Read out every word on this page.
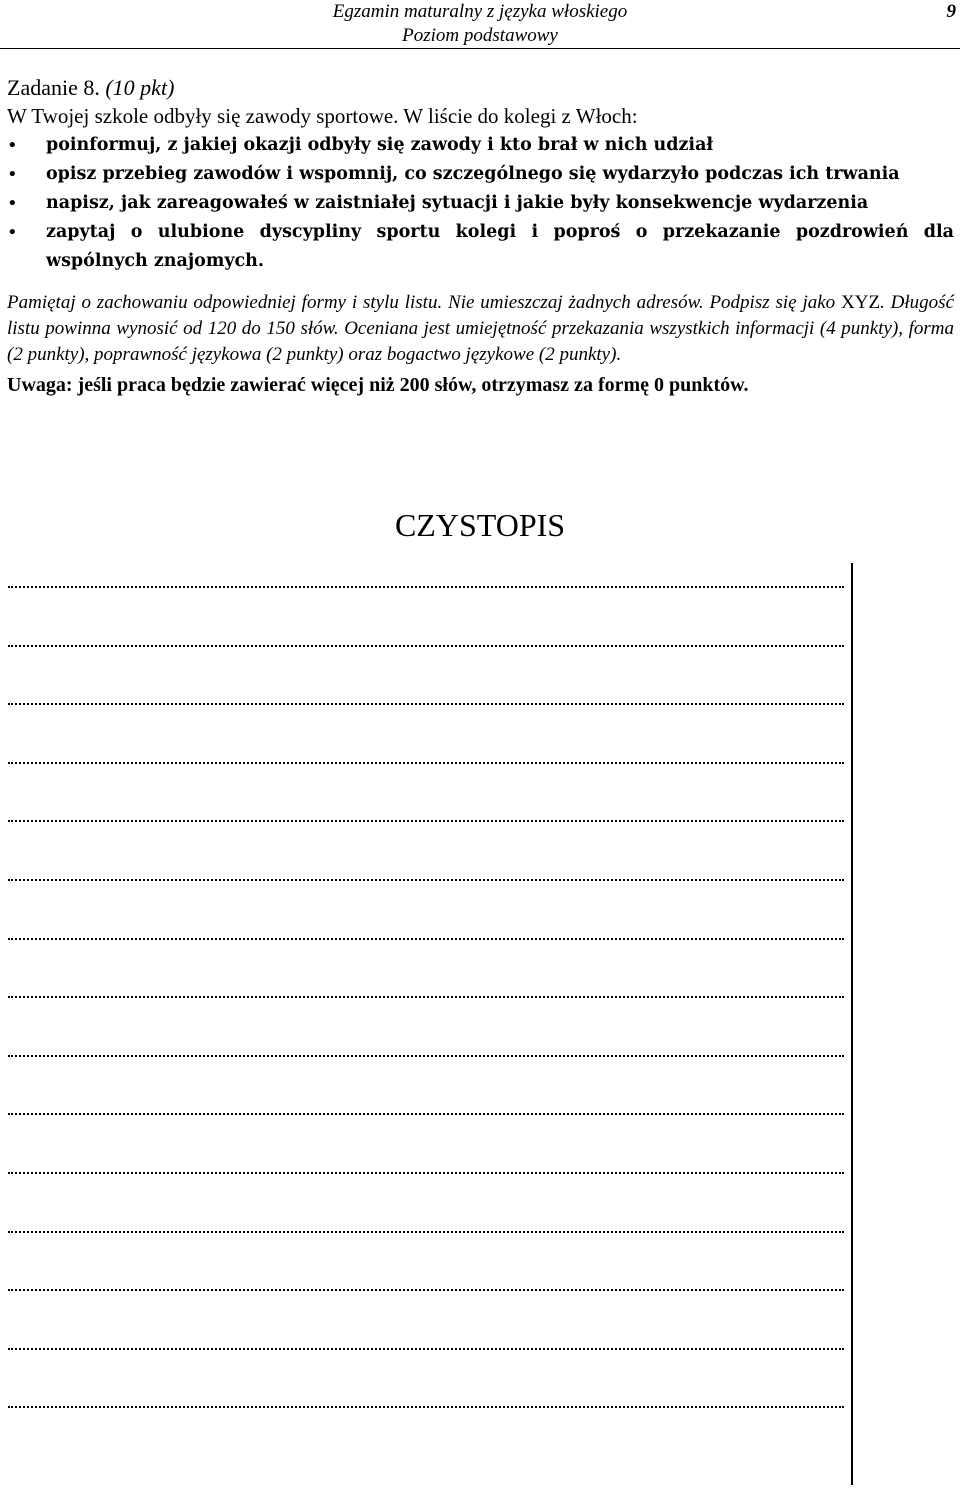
Egzamin maturalny z języka włoskiego
Poziom podstawowy
9
Zadanie 8. (10 pkt)
W Twojej szkole odbyły się zawody sportowe. W liście do kolegi z Włoch:
• poinformuj, z jakiej okazji odbyły się zawody i kto brał w nich udział
• opisz przebieg zawodów i wspomnij, co szczególnego się wydarzyło podczas ich trwania
• napisz, jak zareagowałeś w zaistniałej sytuacji i jakie były konsekwencje wydarzenia
• zapytaj o ulubione dyscypliny sportu kolegi i poproś o przekazanie pozdrowień dla wspólnych znajomych.
Pamiętaj o zachowaniu odpowiedniej formy i stylu listu. Nie umieszczaj żadnych adresów. Podpisz się jako XYZ. Długość listu powinna wynosić od 120 do 150 słów. Oceniana jest umiejętność przekazania wszystkich informacji (4 punkty), forma (2 punkty), poprawność językowa (2 punkty) oraz bogactwo językowe (2 punkty).
Uwaga: jeśli praca będzie zawierać więcej niż 200 słów, otrzymasz za formę 0 punktów.
CZYSTOPIS
